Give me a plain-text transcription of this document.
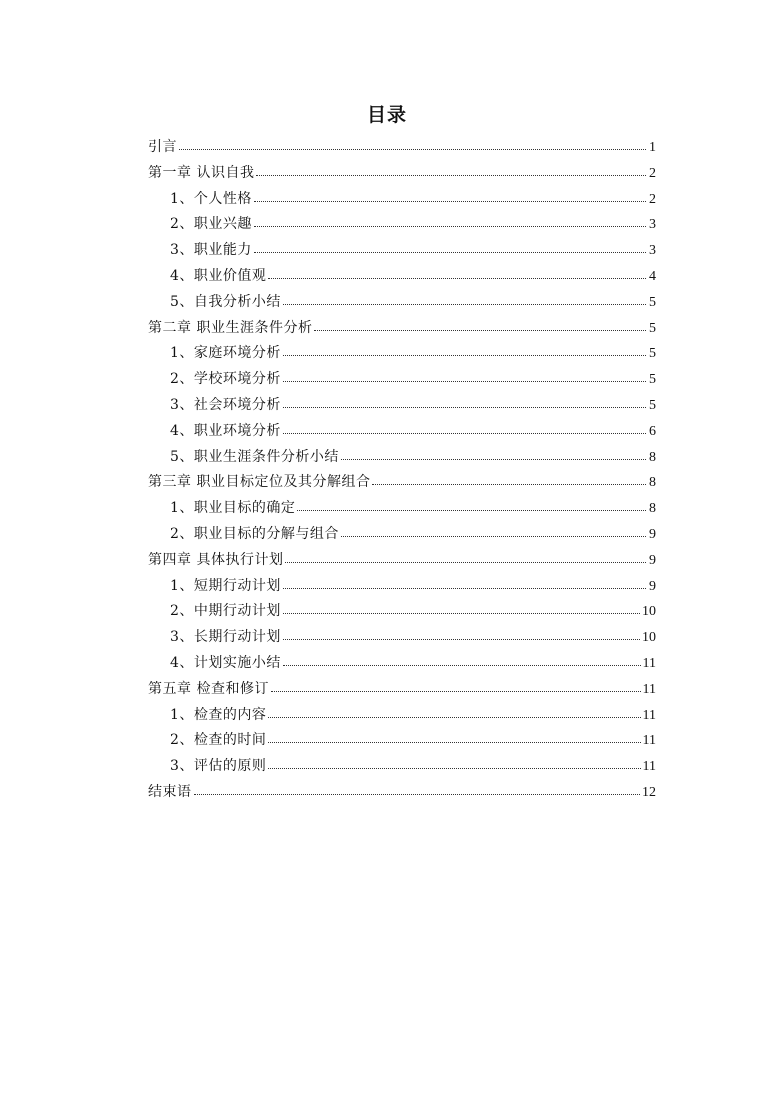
目录
引言	1
第一章 认识自我	2
1、个人性格	2
2、职业兴趣	3
3、职业能力	3
4、职业价值观	4
5、自我分析小结	5
第二章 职业生涯条件分析	5
1、家庭环境分析	5
2、学校环境分析	5
3、社会环境分析	5
4、职业环境分析	6
5、职业生涯条件分析小结	8
第三章 职业目标定位及其分解组合	8
1、职业目标的确定	8
2、职业目标的分解与组合	9
第四章 具体执行计划	9
1、短期行动计划	9
2、中期行动计划	10
3、长期行动计划	10
4、计划实施小结	11
第五章 检查和修订	11
1、检查的内容	11
2、检查的时间	11
3、评估的原则	11
结束语	12
